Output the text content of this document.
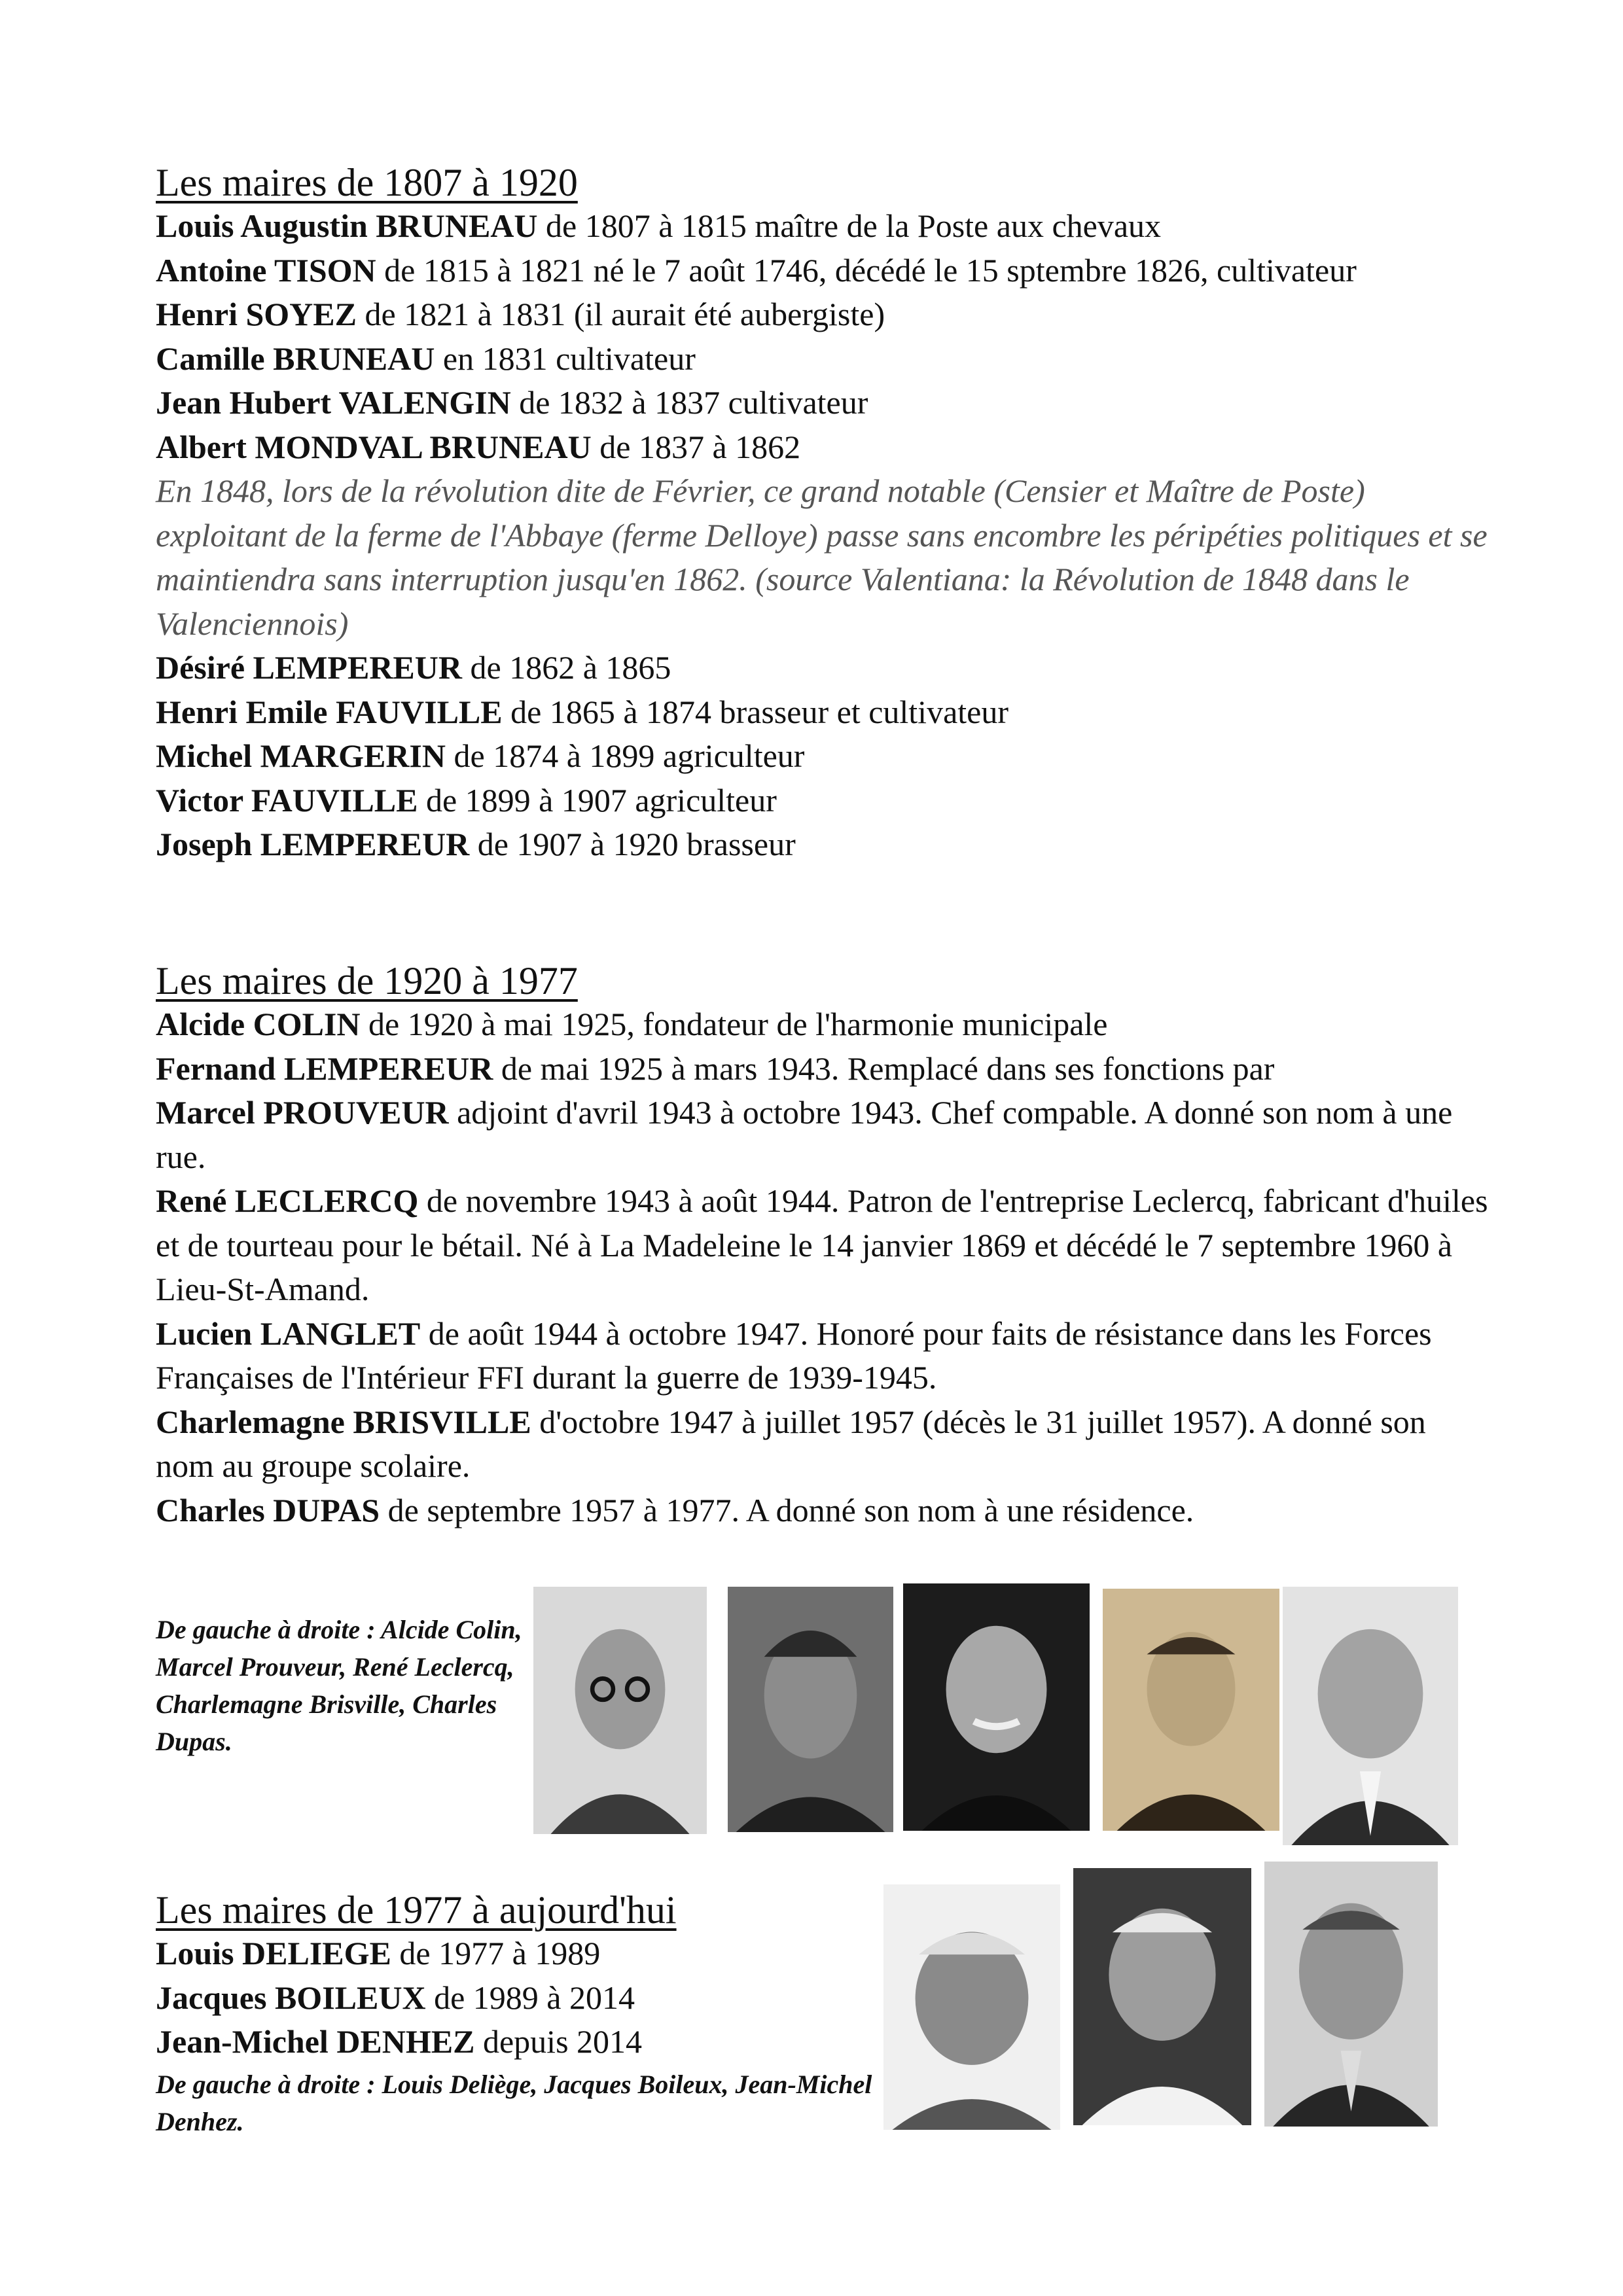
Les maires de 1807 à 1920
Louis Augustin BRUNEAU de 1807 à 1815 maître de la Poste aux chevaux
Antoine TISON de 1815 à 1821 né le 7 août 1746, décédé le 15 sptembre 1826, cultivateur
Henri SOYEZ de 1821 à 1831 (il aurait été aubergiste)
Camille BRUNEAU en 1831 cultivateur
Jean Hubert VALENGIN de 1832 à 1837 cultivateur
Albert MONDVAL BRUNEAU de 1837 à 1862
En 1848, lors de la révolution dite de Février, ce grand notable (Censier et Maître de Poste) exploitant de la ferme de l'Abbaye (ferme Delloye) passe sans encombre les péripéties politiques et se maintiendra sans interruption jusqu'en 1862. (source Valentiana: la Révolution de 1848 dans le Valenciennois)
Désiré LEMPEREUR de 1862 à 1865
Henri Emile FAUVILLE de 1865 à 1874 brasseur et cultivateur
Michel MARGERIN de 1874 à 1899 agriculteur
Victor FAUVILLE de 1899 à 1907 agriculteur
Joseph LEMPEREUR de 1907 à 1920 brasseur
Les maires de 1920 à 1977
Alcide COLIN de 1920 à mai 1925, fondateur de l'harmonie municipale
Fernand LEMPEREUR de mai 1925 à mars 1943. Remplacé dans ses fonctions par
Marcel PROUVEUR adjoint d'avril 1943 à octobre 1943. Chef compable. A donné son nom à une rue.
René LECLERCQ de novembre 1943 à août 1944. Patron de l'entreprise Leclercq, fabricant d'huiles et de tourteau pour le bétail. Né à La Madeleine le 14 janvier 1869 et décédé le 7 septembre 1960 à Lieu-St-Amand.
Lucien LANGLET de août 1944 à octobre 1947. Honoré pour faits de résistance dans les Forces Françaises de l'Intérieur FFI durant la guerre de 1939-1945.
Charlemagne BRISVILLE d'octobre 1947 à juillet 1957 (décès le 31 juillet 1957). A donné son nom au groupe scolaire.
Charles DUPAS de septembre 1957 à 1977. A donné son nom à une résidence.
De gauche à droite : Alcide Colin, Marcel Prouveur, René Leclercq, Charlemagne Brisville, Charles Dupas.
Les maires de 1977 à aujourd'hui
Louis DELIEGE de 1977 à 1989
Jacques BOILEUX de 1989 à 2014
Jean-Michel DENHEZ depuis 2014
De gauche à droite : Louis Deliège, Jacques Boileux, Jean-Michel Denhez.
